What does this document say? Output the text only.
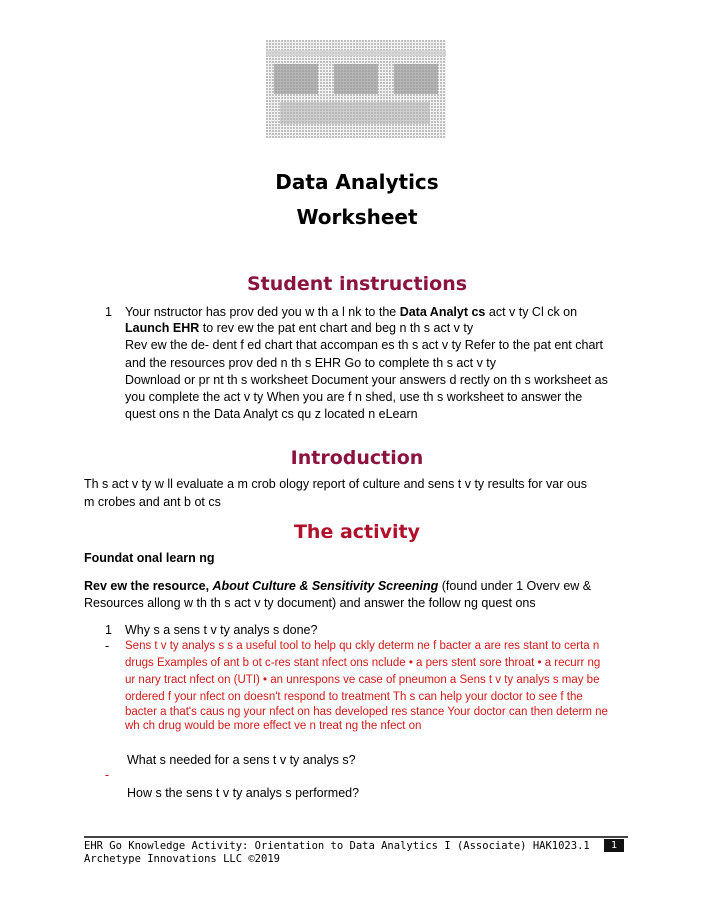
Data Analytics
Worksheet
Student instructions
1 Your nstructor has prov ded you w th a l nk to the Data Analyt cs act v ty Cl ck on
Launch EHR to rev ew the pat ent chart and beg n th s act v ty
Rev ew the de- dent f ed chart that accompan es th s act v ty Refer to the pat ent chart
and the resources prov ded n th s EHR Go to complete th s act v ty
Download or pr nt th s worksheet Document your answers d rectly on th s worksheet as
you complete the act v ty When you are f n shed, use th s worksheet to answer the
quest ons n the Data Analyt cs qu z located n eLearn
Introduction
Th s act v ty w ll evaluate a m crob ology report of culture and sens t v ty results for var ous
m crobes and ant b ot cs
The activity
Foundat onal learn ng
Rev ew the resource, About Culture & Sensitivity Screening (found under 1 Overv ew &
Resources allong w th th s act v ty document) and answer the follow ng quest ons
1 Why s a sens t v ty analys s done?
- Sens t v ty analys s s a useful tool to help qu ckly determ ne f bacter a are res stant to certa n
drugs Examples of ant b ot c-res stant nfect ons nclude • a pers stent sore throat • a recurr ng
ur nary tract nfect on (UTI) • an unrespons ve case of pneumon a Sens t v ty analys s may be
ordered f your nfect on doesn't respond to treatment Th s can help your doctor to see f the
bacter a that's caus ng your nfect on has developed res stance Your doctor can then determ ne
wh ch drug would be more effect ve n treat ng the nfect on
What s needed for a sens t v ty analys s?
-
How s the sens t v ty analys s performed?
EHR Go Knowledge Activity: Orientation to Data Analytics I (Associate) HAK1023.1
Archetype Innovations LLC ©2019
1
